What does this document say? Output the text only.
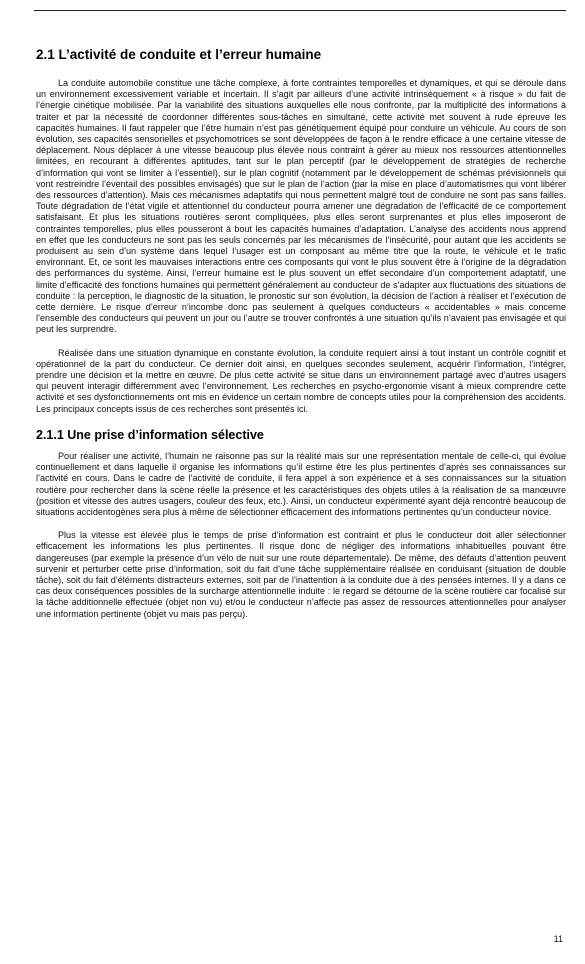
2.1 L’activité de conduite et l’erreur humaine

La conduite automobile constitue une tâche complexe, à forte contraintes temporelles et dynamiques, et qui se déroule dans un environnement excessivement variable et incertain. Il s’agit par ailleurs d’une activité intrinsèquement « à risque » du fait de l’énergie cinétique mobilisée. Par la variabilité des situations auxquelles elle nous confronte, par la multiplicité des informations à traiter et par la nécessité de coordonner différentes sous-tâches en simultané, cette activité met souvent à rude épreuve les capacités humaines. Il faut rappeler que l’être humain n’est pas génétiquement équipé pour conduire un véhicule. Au cours de son évolution, ses capacités sensorielles et psychomotrices se sont développées de façon à le rendre efficace à une certaine vitesse de déplacement. Nous déplacer à une vitesse beaucoup plus élevée nous contraint à gérer au mieux nos ressources attentionnelles limitées, en recourant à différentes aptitudes, tant sur le plan perceptif (par le développement de stratégies de recherche d’information qui vont se limiter à l’essentiel), sur le plan cognitif (notamment par le développement de schémas prévisionnels qui vont restreindre l’éventail des possibles envisagés) que sur le plan de l’action (par la mise en place d’automatismes qui vont libérer des ressources d’attention). Mais ces mécanismes adaptatifs qui nous permettent malgré tout de conduire ne sont pas sans failles. Toute dégradation de l’état vigile et attentionnel du conducteur pourra amener une dégradation de l’efficacité de ce comportement satisfaisant. Et plus les situations routières seront compliquées, plus elles seront surprenantes et plus elles imposeront de contraintes temporelles, plus elles pousseront à bout les capacités humaines d’adaptation. L’analyse des accidents nous apprend en effet que les conducteurs ne sont pas les seuls concernés par les mécanismes de l’insécurité, pour autant que les accidents se produisent au sein d’un système dans lequel l’usager est un composant au même titre que la route, le véhicule et le trafic environnant. Et, ce sont les mauvaises interactions entre ces composants qui vont le plus souvent être à l’origine de la dégradation des performances du système. Ainsi, l’erreur humaine est le plus souvent un effet secondaire d’un comportement adaptatif, une limite d’efficacité des fonctions humaines qui permettent généralement au conducteur de s’adapter aux fluctuations des situations de conduite : la perception, le diagnostic de la situation, le pronostic sur son évolution, la décision de l’action à réaliser et l’exécution de cette dernière. Le risque d’erreur n’incombe donc pas seulement à quelques conducteurs « accidentables » mais concerne l’ensemble des conducteurs qui peuvent un jour ou l’autre se trouver confrontés à une situation qu’ils n’avaient pas envisagée et qui peut les surprendre.

Réalisée dans une situation dynamique en constante évolution, la conduite requiert ainsi à tout instant un contrôle cognitif et opérationnel de la part du conducteur. Ce dernier doit ainsi, en quelques secondes seulement, acquérir l’information, l’intégrer, prendre une décision et la mettre en œuvre. De plus cette activité se situe dans un environnement partagé avec d’autres usagers qui peuvent interagir différemment avec l’environnement. Les recherches en psycho-ergonomie visant à mieux comprendre cette activité et ses dysfonctionnements ont mis en évidence un certain nombre de concepts utiles pour la compréhension des accidents. Les principaux concepts issus de ces recherches sont présentés ici.

2.1.1 Une prise d’information sélective

Pour réaliser une activité, l’humain ne raisonne pas sur la réalité mais sur une représentation mentale de celle-ci, qui évolue continuellement et dans laquelle il organise les informations qu’il estime être les plus pertinentes d’après ses connaissances sur l’activité en cours. Dans le cadre de l’activité de conduite, il fera appel à son expérience et à ses connaissances sur la situation routière pour rechercher dans la scène réelle la présence et les caractéristiques des objets utiles à la réalisation de sa manœuvre (position et vitesse des autres usagers, couleur des feux, etc.). Ainsi, un conducteur expérimenté ayant déjà rencontré beaucoup de situations accidentogènes sera plus à même de sélectionner efficacement des informations pertinentes qu’un conducteur novice.

Plus la vitesse est élevée plus le temps de prise d’information est contraint et plus le conducteur doit aller sélectionner efficacement les informations les plus pertinentes. Il risque donc de négliger des informations inhabituelles pouvant être dangereuses (par exemple la présence d’un vélo de nuit sur une route départementale). De même, des défauts d’attention peuvent survenir et perturber cette prise d’information, soit du fait d’une tâche supplémentaire réalisée en conduisant (situation de double tâche), soit du fait d’éléments distracteurs externes, soit par de l’inattention à la conduite due à des pensées internes. Il y a dans ce cas deux conséquences possibles de la surcharge attentionnelle induite : le regard se détourne de la scène routière car focalisé sur la tâche additionnelle effectuée (objet non vu) et/ou le conducteur n’affecte pas assez de ressources attentionnelles pour analyser une information pertinente (objet vu mais pas perçu).

11
